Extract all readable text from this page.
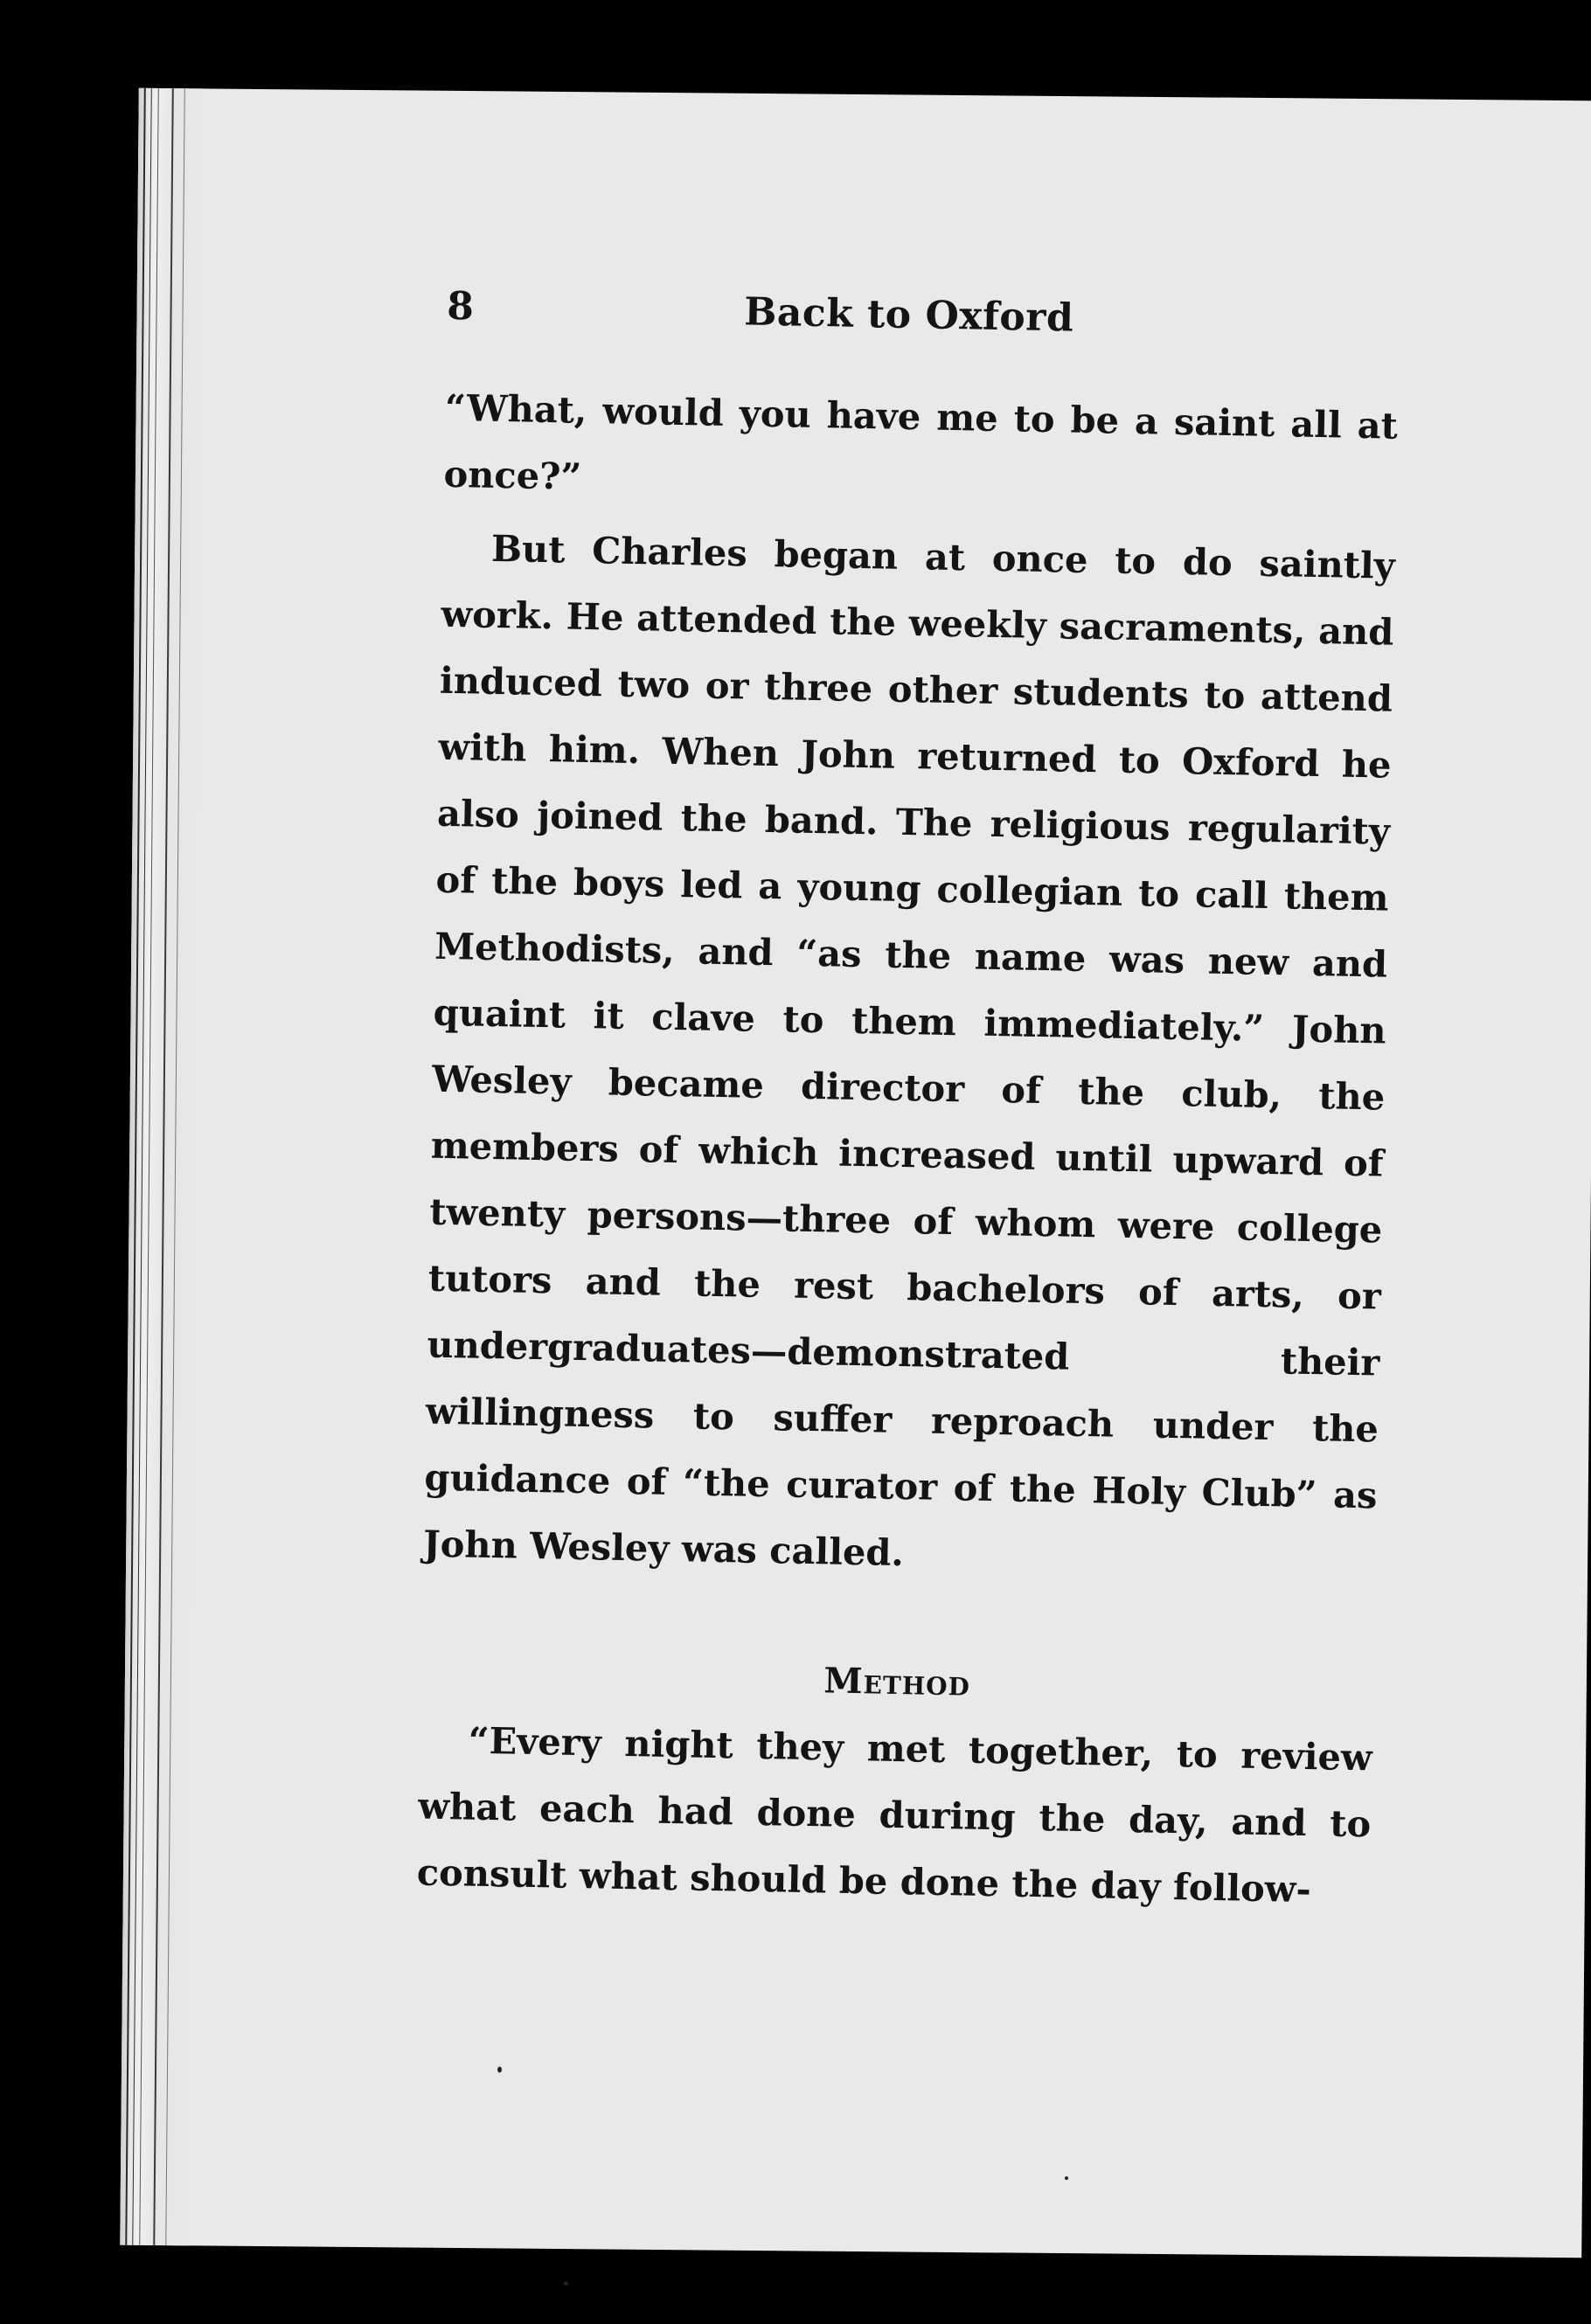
8	Back to Oxford

“What, would you have me to be a saint all at once?”

But Charles began at once to do saintly work. He attended the weekly sacraments, and induced two or three other students to attend with him. When John returned to Oxford he also joined the band. The religious regularity of the boys led a young collegian to call them Methodists, and “as the name was new and quaint it clave to them immediately.” John Wesley became director of the club, the members of which increased until upward of twenty persons—three of whom were college tutors and the rest bachelors of arts, or undergraduates—demonstrated their willingness to suffer reproach under the guidance of “the curator of the Holy Club” as John Wesley was called.

Method

“Every night they met together, to review what each had done during the day, and to consult what should be done the day follow-
